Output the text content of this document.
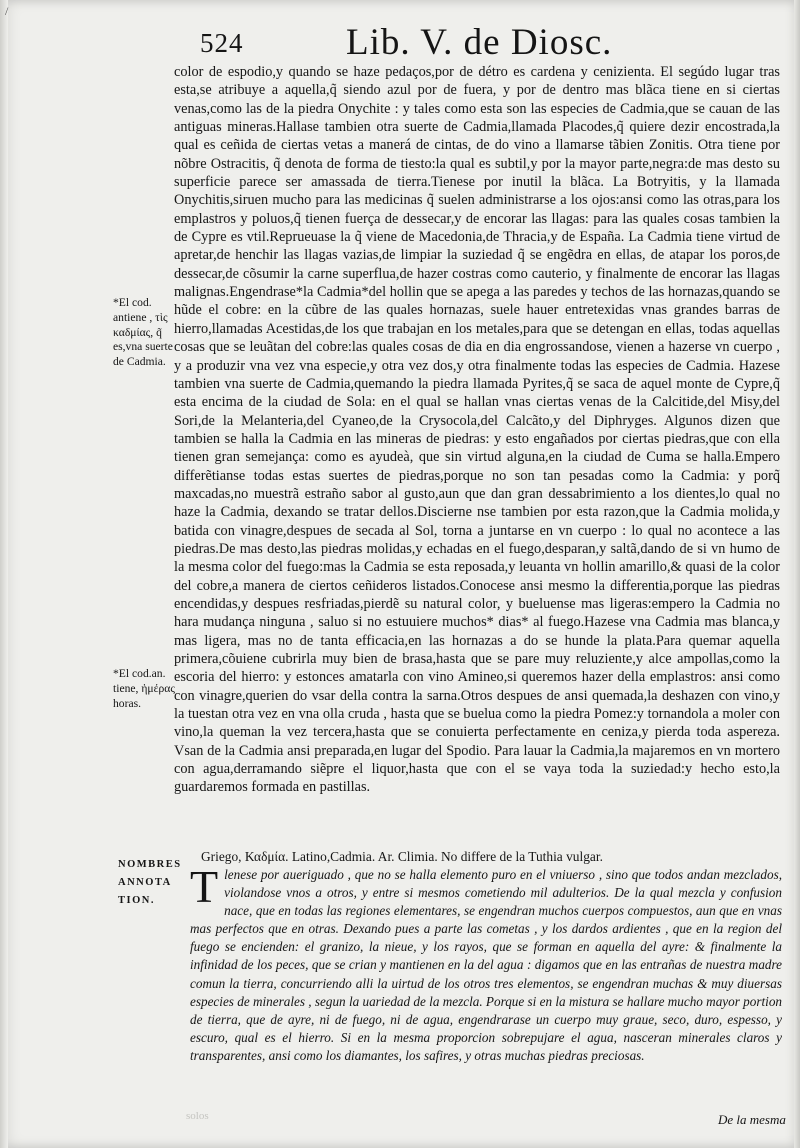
/
524	Lib. V. de Diosc.

color de espodio,y quando se haze pedaços,por de détro es cardena y cenizienta. El segúdo lugar tras esta,se atribuye a aquella,q̃ siendo azul por de fuera, y por de dentro mas blãca tiene en si ciertas venas,como las de la piedra Onychite : y tales como esta son las especies de Cadmia,que se cauan de las antiguas mineras.Hallase tambien otra suerte de Cadmia,llamada Placodes,q̃ quiere dezir encostrada,la qual es ceñida de ciertas vetas a manerá de cintas, de do vino a llamarse tãbien Zonitis. Otra tiene por nõbre Ostracitis, q̃ denota de forma de tiesto:la qual es subtil,y por la mayor parte,negra:de mas desto su superficie parece ser amassada de tierra.Tienese por inutil la blãca. La Botryitis, y la llamada Onychitis,siruen mucho para las medicinas q̃ suelen administrarse a los ojos:ansi como las otras,para los emplastros y poluos,q̃ tienen fuerça de dessecar,y de encorar las llagas: para las quales cosas tambien la de Cypre es vtil.Reprueuase la q̃ viene de Macedonia,de Thracia,y de España. La Cadmia tiene virtud de apretar,de henchir las llagas vazias,de limpiar la suziedad q̃ se engẽdra en ellas, de atapar los poros,de dessecar,de cõsumir la carne superflua,de hazer costras como cauterio, y finalmente de encorar las llagas malignas.Engendrase*la Cadmia*del hollin que se apega a las paredes y techos de las hornazas,quando se hũde el cobre: en la cũbre de las quales hornazas, suele hauer entretexidas vnas grandes barras de hierro,llamadas Acestidas,de los que trabajan en los metales,para que se detengan en ellas, todas aquellas cosas que se leuãtan del cobre:las quales cosas de dia en dia engrossandose, vienen a hazerse vn cuerpo , y a produzir vna vez vna especie,y otra vez dos,y otra finalmente todas las especies de Cadmia. Hazese tambien vna suerte de Cadmia,quemando la piedra llamada Pyrites,q̃ se saca de aquel monte de Cypre,q̃ esta encima de la ciudad de Sola: en el qual se hallan vnas ciertas venas de la Calcitide,del Misy,del Sori,de la Melanteria,del Cyaneo,de la Crysocola,del Calcãto,y del Diphryges. Algunos dizen que tambien se halla la Cadmia en las mineras de piedras: y esto engañados por ciertas piedras,que con ella tienen gran semejança: como es ayudeà, que sin virtud alguna,en la ciudad de Cuma se halla.Empero differẽtianse todas estas suertes de piedras,porque no son tan pesadas como la Cadmia: y porq̃ maxcadas,no muestrã estraño sabor al gusto,aun que dan gran dessabrimiento a los dientes,lo qual no haze la Cadmia, dexando se tratar dellos.Discierne nse tambien por esta razon,que la Cadmia molida,y batida con vinagre,despues de secada al Sol, torna a juntarse en vn cuerpo : lo qual no acontece a las piedras.De mas desto,las piedras molidas,y echadas en el fuego,desparan,y saltã,dando de si vn humo de la mesma color del fuego:mas la Cadmia se esta reposada,y leuanta vn hollin amarillo,& quasi de la color del cobre,a manera de ciertos ceñideros listados.Conocese ansi mesmo la differentia,porque las piedras encendidas,y despues resfriadas,pierdẽ su natural color, y bueluense mas ligeras:empero la Cadmia no hara mudança ninguna , saluo si no estuuiere muchos* dias* al fuego.Hazese vna Cadmia mas blanca,y mas ligera, mas no de tanta efficacia,en las hornazas a do se hunde la plata.Para quemar aquella primera,cõuiene cubrirla muy bien de brasa,hasta que se pare muy reluziente,y alce ampollas,como la escoria del hierro: y estonces amatarla con vino Amineo,si queremos hazer della emplastros: ansi como con vinagre,querien do vsar della contra la sarna.Otros despues de ansi quemada,la deshazen con vino,y la tuestan otra vez en vna olla cruda , hasta que se buelua como la piedra Pomez:y tornandola a moler con vino,la queman la vez tercera,hasta que se conuierta perfectamente en ceniza,y pierda toda aspereza. Vsan de la Cadmia ansi preparada,en lugar del Spodio. Para lauar la Cadmia,la majaremos en vn mortero con agua,derramando siẽpre el liquor,hasta que con el se vaya toda la suziedad:y hecho esto,la guardaremos formada en pastillas.

*El cod. antiene , τὶς καδμίας, q̃ es,vna suerte de Cadmia.
*El cod.an. tiene, ἡμέρας horas.
NOMBRES
ANNOTA
TION.
Griego, Καδμία. Latino,Cadmia. Ar. Climia. No differe de la Tuthia vulgar.

Tlenese por aueriguado , que no se halla elemento puro en el vniuerso , sino que todos andan mezclados, violandose vnos a otros, y entre si mesmos cometiendo mil adulterios. De la qual mezcla y confusion nace, que en todas las regiones elementares, se engendran muchos cuerpos compuestos, aun que en vnas mas perfectos que en otras. Dexando pues a parte las cometas , y los dardos ardientes , que en la region del fuego se encienden: el granizo, la nieue, y los rayos, que se forman en aquella del ayre: & finalmente la infinidad de los peces, que se crian y mantienen en la del agua : digamos que en las entrañas de nuestra madre comun la tierra, concurriendo alli la uirtud de los otros tres elementos, se engendran muchas & muy diuersas especies de minerales , segun la uariedad de la mezcla. Porque si en la mistura se hallare mucho mayor portion de tierra, que de ayre, ni de fuego, ni de agua, engendrarase un cuerpo muy graue, seco, duro, espesso, y escuro, qual es el hierro. Si en la mesma proporcion sobrepujare el agua, nasceran minerales claros y transparentes, ansi como los diamantes, los safires, y otras muchas piedras preciosas.

solos	De la mesma
